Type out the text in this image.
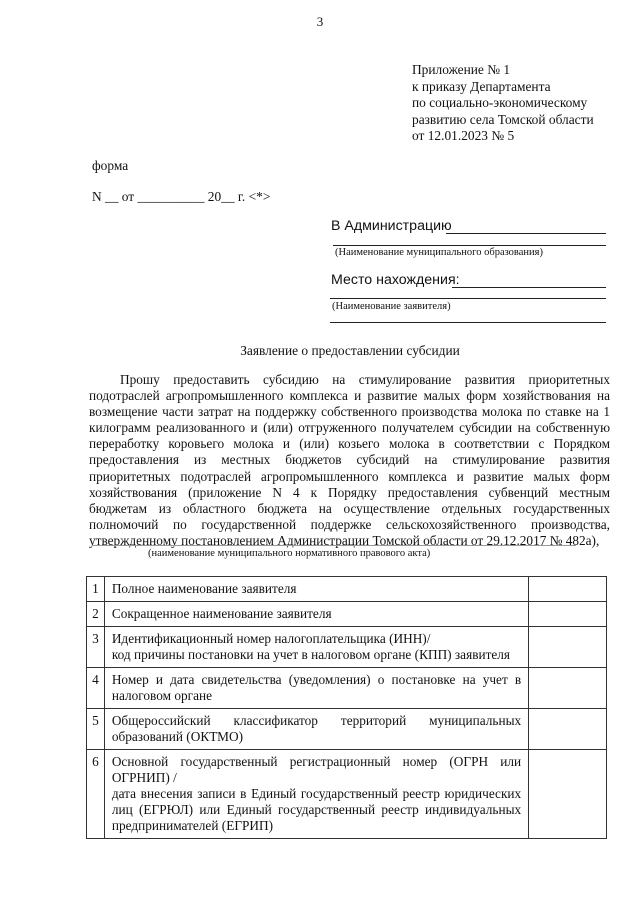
3
Приложение № 1
к приказу Департамента
по социально-экономическому
развитию села Томской области
от 12.01.2023 № 5
форма
N __ от __________ 20__ г. <*>
В Администрацию
(Наименование муниципального образования)
Место нахождения:
(Наименование заявителя)
Заявление о предоставлении субсидии
Прошу предоставить субсидию на стимулирование развития приоритетных подотраслей агропромышленного комплекса и развитие малых форм хозяйствования на возмещение части затрат на поддержку собственного производства молока по ставке на 1 килограмм реализованного и (или) отгруженного получателем субсидии на собственную переработку коровьего молока и (или) козьего молока в соответствии с Порядком предоставления из местных бюджетов субсидий на стимулирование развития приоритетных подотраслей агропромышленного комплекса и развитие малых форм хозяйствования (приложение N 4 к Порядку предоставления субвенций местным бюджетам из областного бюджета на осуществление отдельных государственных полномочий по государственной поддержке сельскохозяйственного производства, утвержденному постановлением Администрации Томской области от 29.12.2017 № 482а),
(наименование муниципального нормативного правового акта)
1	Полное наименование заявителя	
2	Сокращенное наименование заявителя	
3	Идентификационный номер налогоплательщика (ИНН)/
код причины постановки на учет в налоговом органе (КПП) заявителя	
4	Номер и дата свидетельства (уведомления) о постановке на учет в налоговом органе	
5	Общероссийский классификатор территорий муниципальных образований (ОКТМО)	
6	Основной государственный регистрационный номер (ОГРН или ОГРНИП) /
дата внесения записи в Единый государственный реестр юридических лиц (ЕГРЮЛ) или Единый государственный реестр индивидуальных предпринимателей (ЕГРИП)	
